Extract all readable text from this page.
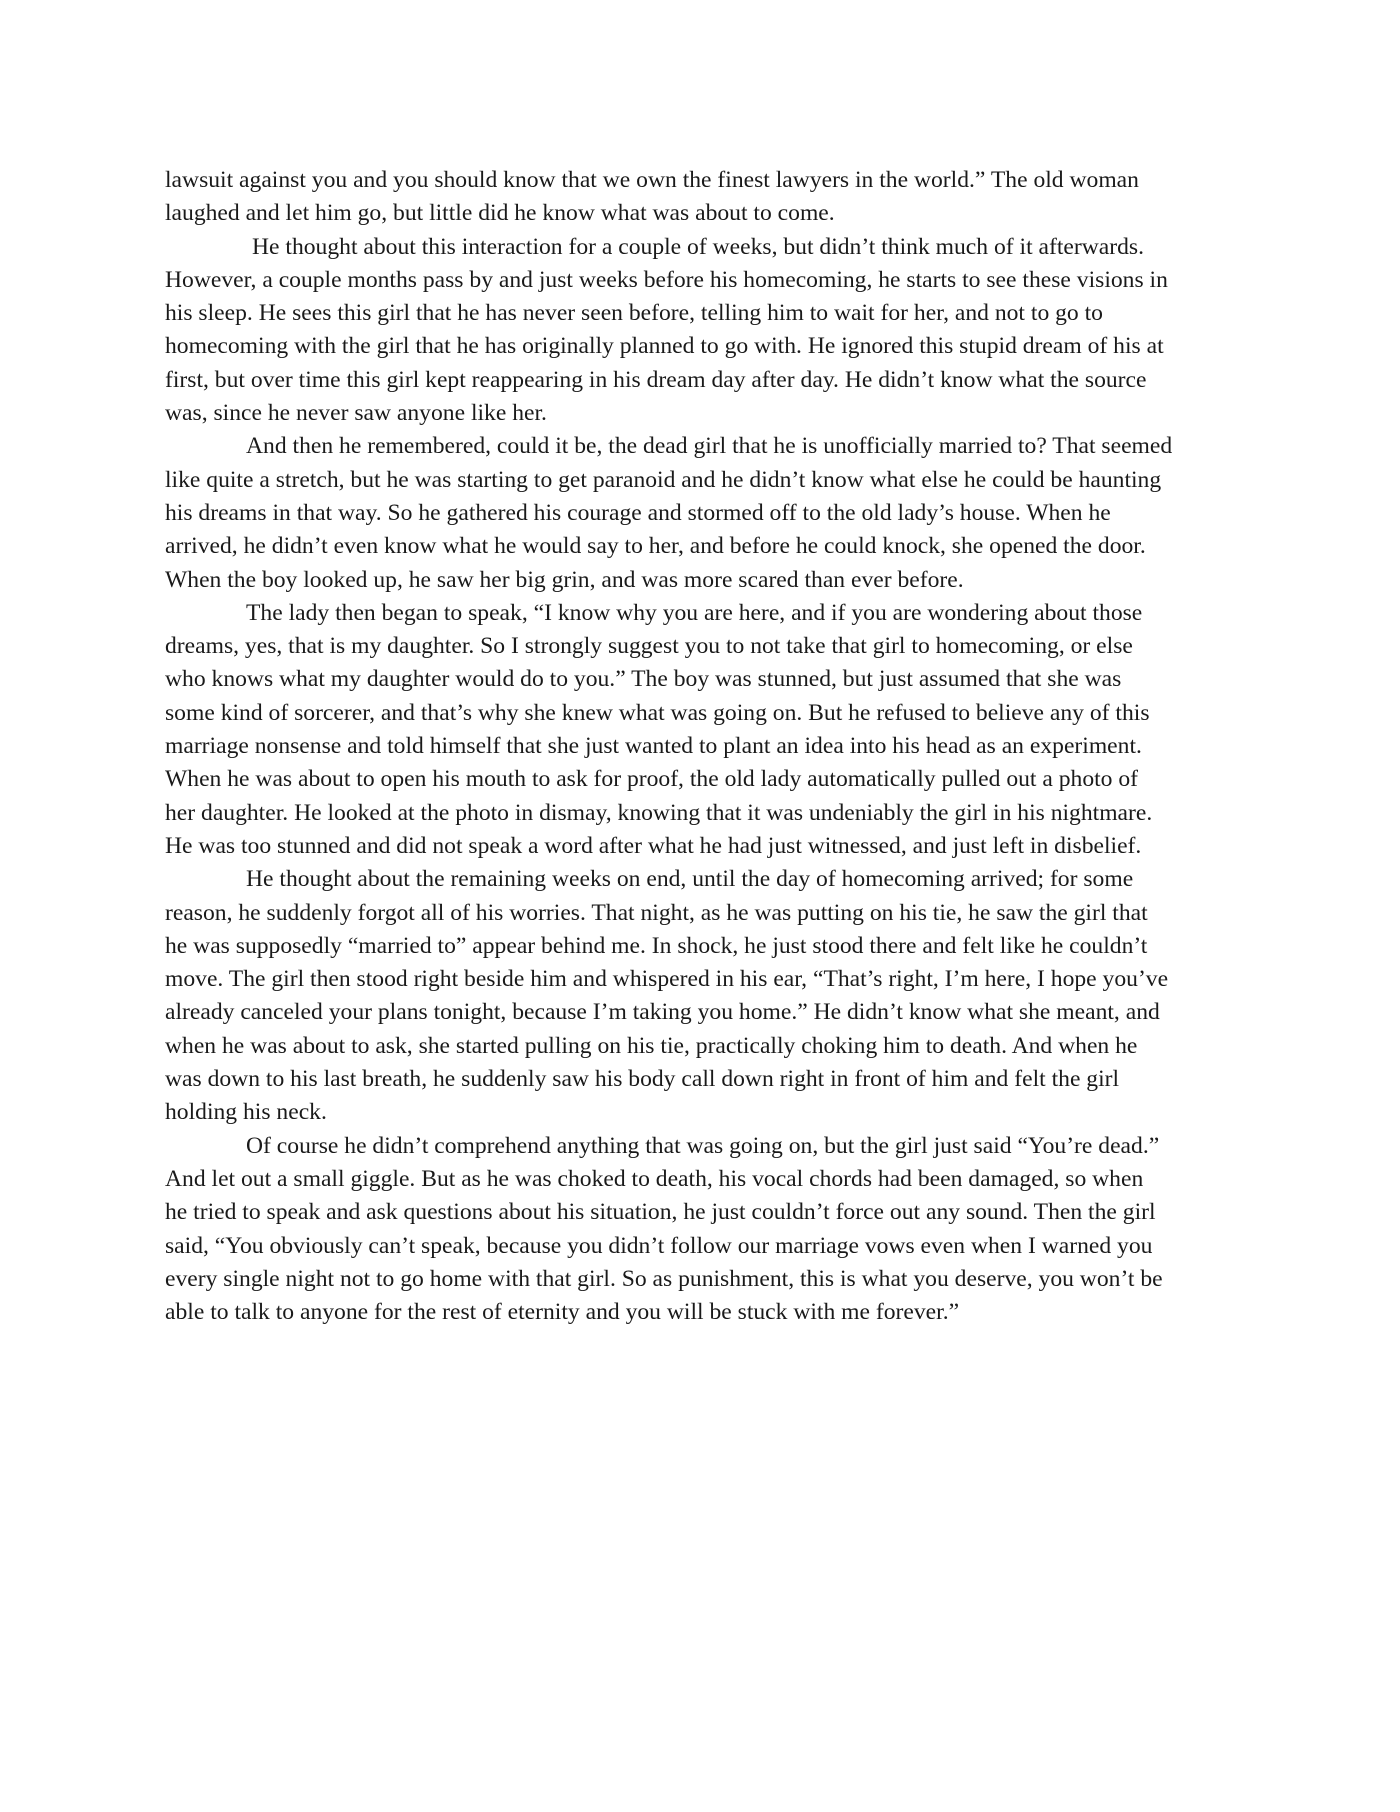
lawsuit against you and you should know that we own the finest lawyers in the world.” The old woman
laughed and let him go, but little did he know what was about to come.

He thought about this interaction for a couple of weeks, but didn’t think much of it afterwards.
However, a couple months pass by and just weeks before his homecoming, he starts to see these visions in
his sleep. He sees this girl that he has never seen before, telling him to wait for her, and not to go to
homecoming with the girl that he has originally planned to go with. He ignored this stupid dream of his at
first, but over time this girl kept reappearing in his dream day after day. He didn’t know what the source
was, since he never saw anyone like her.

And then he remembered, could it be, the dead girl that he is unofficially married to? That seemed
like quite a stretch, but he was starting to get paranoid and he didn’t know what else he could be haunting
his dreams in that way. So he gathered his courage and stormed off to the old lady’s house. When he
arrived, he didn’t even know what he would say to her, and before he could knock, she opened the door.
When the boy looked up, he saw her big grin, and was more scared than ever before.

The lady then began to speak, “I know why you are here, and if you are wondering about those
dreams, yes, that is my daughter. So I strongly suggest you to not take that girl to homecoming, or else
who knows what my daughter would do to you.” The boy was stunned, but just assumed that she was
some kind of sorcerer, and that’s why she knew what was going on. But he refused to believe any of this
marriage nonsense and told himself that she just wanted to plant an idea into his head as an experiment.
When he was about to open his mouth to ask for proof, the old lady automatically pulled out a photo of
her daughter. He looked at the photo in dismay, knowing that it was undeniably the girl in his nightmare.
He was too stunned and did not speak a word after what he had just witnessed, and just left in disbelief.

He thought about the remaining weeks on end, until the day of homecoming arrived; for some
reason, he suddenly forgot all of his worries. That night, as he was putting on his tie, he saw the girl that
he was supposedly “married to” appear behind me. In shock, he just stood there and felt like he couldn’t
move. The girl then stood right beside him and whispered in his ear, “That’s right, I’m here, I hope you’ve
already canceled your plans tonight, because I’m taking you home.” He didn’t know what she meant, and
when he was about to ask, she started pulling on his tie, practically choking him to death. And when he
was down to his last breath, he suddenly saw his body call down right in front of him and felt the girl
holding his neck.

Of course he didn’t comprehend anything that was going on, but the girl just said “You’re dead.”
And let out a small giggle. But as he was choked to death, his vocal chords had been damaged, so when
he tried to speak and ask questions about his situation, he just couldn’t force out any sound. Then the girl
said, “You obviously can’t speak, because you didn’t follow our marriage vows even when I warned you
every single night not to go home with that girl. So as punishment, this is what you deserve, you won’t be
able to talk to anyone for the rest of eternity and you will be stuck with me forever.”
